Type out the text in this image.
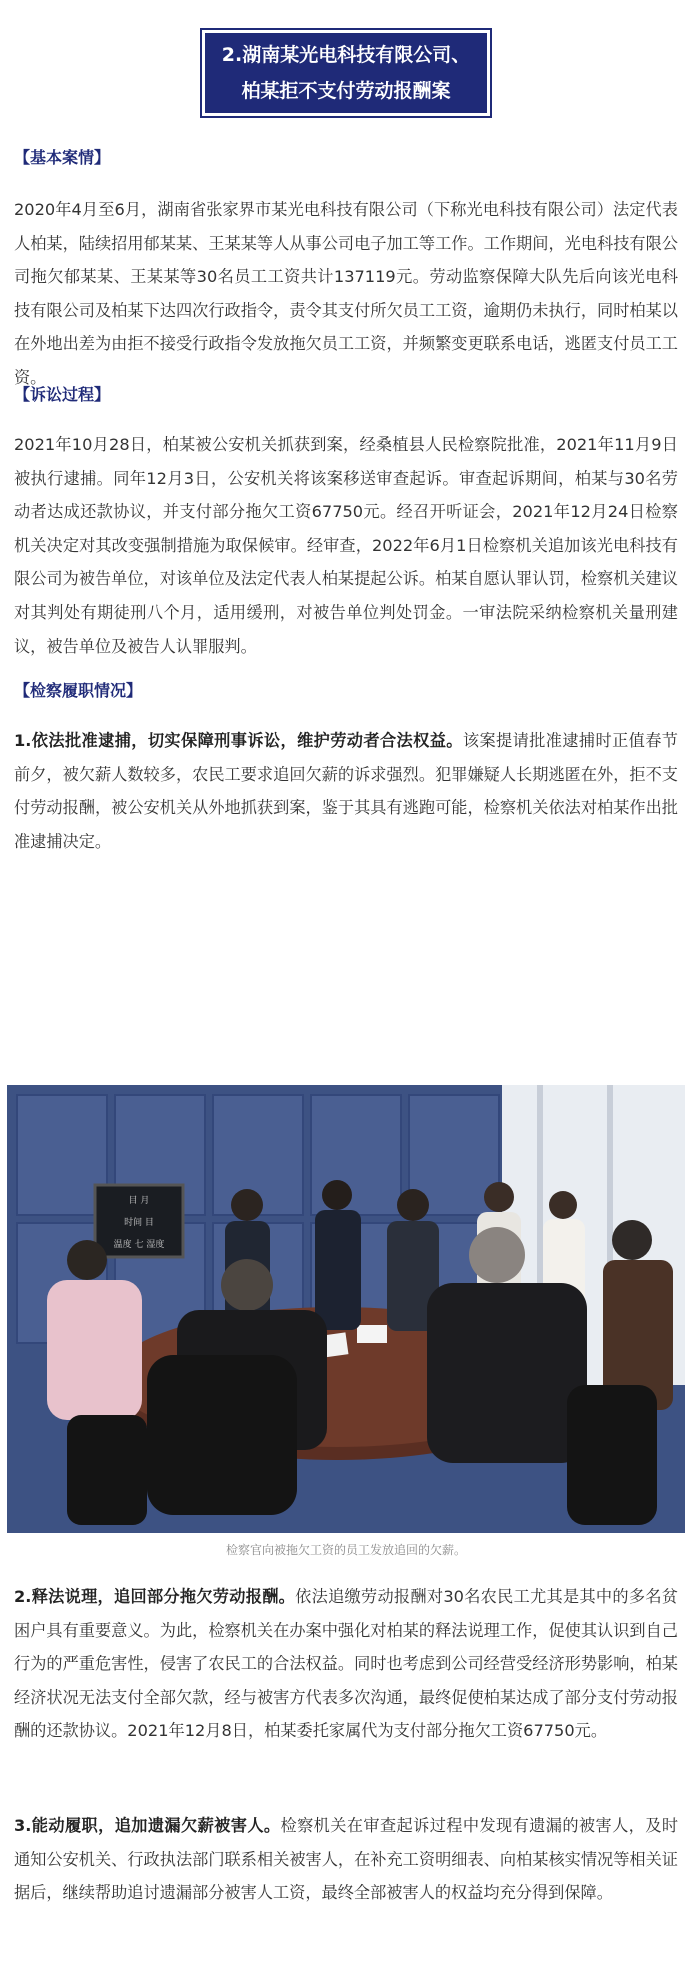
2.湖南某光电科技有限公司、
柏某拒不支付劳动报酬案
【基本案情】

2020年4月至6月，湖南省张家界市某光电科技有限公司（下称光电科技有限公司）法定代表人柏某，陆续招用郁某某、王某某等人从事公司电子加工等工作。工作期间，光电科技有限公司拖欠郁某某、王某某等30名员工工资共计137119元。劳动监察保障大队先后向该光电科技有限公司及柏某下达四次行政指令，责令其支付所欠员工工资，逾期仍未执行，同时柏某以在外地出差为由拒不接受行政指令发放拖欠员工工资，并频繁变更联系电话，逃匿支付员工工资。

【诉讼过程】

2021年10月28日，柏某被公安机关抓获到案，经桑植县人民检察院批准，2021年11月9日被执行逮捕。同年12月3日，公安机关将该案移送审查起诉。审查起诉期间，柏某与30名劳动者达成还款协议，并支付部分拖欠工资67750元。经召开听证会，2021年12月24日检察机关决定对其改变强制措施为取保候审。经审查，2022年6月1日检察机关追加该光电科技有限公司为被告单位，对该单位及法定代表人柏某提起公诉。柏某自愿认罪认罚，检察机关建议对其判处有期徒刑八个月，适用缓刑，对被告单位判处罚金。一审法院采纳检察机关量刑建议，被告单位及被告人认罪服判。

【检察履职情况】

1.依法批准逮捕，切实保障刑事诉讼，维护劳动者合法权益。该案提请批准逮捕时正值春节前夕，被欠薪人数较多，农民工要求追回欠薪的诉求强烈。犯罪嫌疑人长期逃匿在外，拒不支付劳动报酬，被公安机关从外地抓获到案，鉴于其具有逃跑可能，检察机关依法对柏某作出批准逮捕决定。

目 月
时间 目
温度 七 湿度
检察官向被拖欠工资的员工发放追回的欠薪。

2.释法说理，追回部分拖欠劳动报酬。依法追缴劳动报酬对30名农民工尤其是其中的多名贫困户具有重要意义。为此，检察机关在办案中强化对柏某的释法说理工作，促使其认识到自己行为的严重危害性，侵害了农民工的合法权益。同时也考虑到公司经营受经济形势影响，柏某经济状况无法支付全部欠款，经与被害方代表多次沟通，最终促使柏某达成了部分支付劳动报酬的还款协议。2021年12月8日，柏某委托家属代为支付部分拖欠工资67750元。

3.能动履职，追加遗漏欠薪被害人。检察机关在审查起诉过程中发现有遗漏的被害人，及时通知公安机关、行政执法部门联系相关被害人，在补充工资明细表、向柏某核实情况等相关证据后，继续帮助追讨遗漏部分被害人工资，最终全部被害人的权益均充分得到保障。
